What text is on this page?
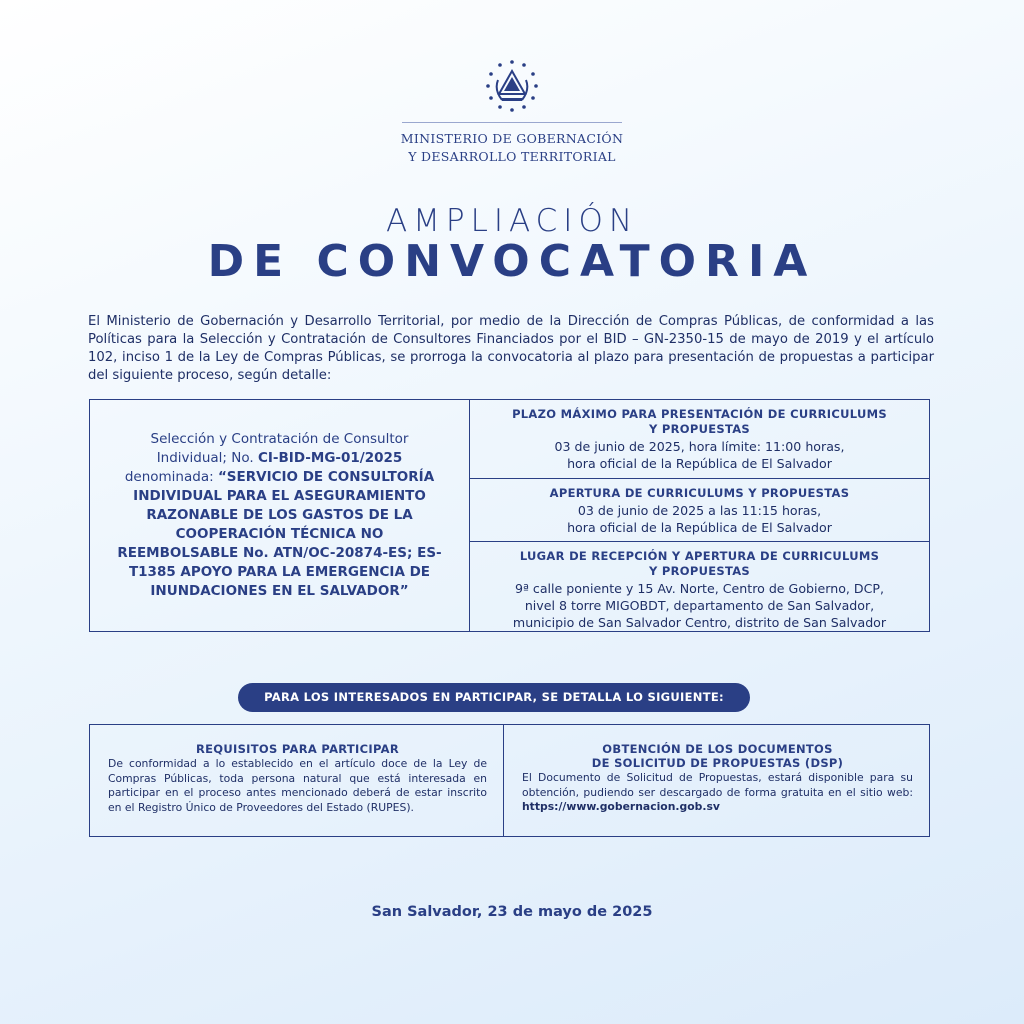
MINISTERIO DE GOBERNACIÓN
Y DESARROLLO TERRITORIAL
AMPLIACIÓN
DE CONVOCATORIA
El Ministerio de Gobernación y Desarrollo Territorial, por medio de la Dirección de Compras Públicas, de conformidad a las Políticas para la Selección y Contratación de Consultores Financiados por el BID – GN-2350-15 de mayo de 2019 y el artículo 102, inciso 1 de la Ley de Compras Públicas, se prorroga la convocatoria al plazo para presentación de propuestas a participar del siguiente proceso, según detalle:

Selección y Contratación de Consultor Individual; No. CI-BID-MG-01/2025 denominada: “SERVICIO DE CONSULTORÍA INDIVIDUAL PARA EL ASEGURAMIENTO RAZONABLE DE LOS GASTOS DE LA COOPERACIÓN TÉCNICA NO REEMBOLSABLE No. ATN/OC-20874-ES; ES-T1385 APOYO PARA LA EMERGENCIA DE INUNDACIONES EN EL SALVADOR”

PLAZO MÁXIMO PARA PRESENTACIÓN DE CURRICULUMS
Y PROPUESTAS

03 de junio de 2025, hora límite: 11:00 horas,
hora oficial de la República de El Salvador

APERTURA DE CURRICULUMS Y PROPUESTAS

03 de junio de 2025 a las 11:15 horas,
hora oficial de la República de El Salvador

LUGAR DE RECEPCIÓN Y APERTURA DE CURRICULUMS
Y PROPUESTAS

9ª calle poniente y 15 Av. Norte, Centro de Gobierno, DCP,
nivel 8 torre MIGOBDT, departamento de San Salvador,
municipio de San Salvador Centro, distrito de San Salvador

PARA LOS INTERESADOS EN PARTICIPAR, SE DETALLA LO SIGUIENTE:
REQUISITOS PARA PARTICIPAR

De conformidad a lo establecido en el artículo doce de la Ley de Compras Públicas, toda persona natural que está interesada en participar en el proceso antes mencionado deberá de estar inscrito en el Registro Único de Proveedores del Estado (RUPES).

OBTENCIÓN DE LOS DOCUMENTOS
DE SOLICITUD DE PROPUESTAS (DSP)

El Documento de Solicitud de Propuestas, estará disponible para su obtención, pudiendo ser descargado de forma gratuita en el sitio web: https://www.gobernacion.gob.sv

San Salvador, 23 de mayo de 2025
